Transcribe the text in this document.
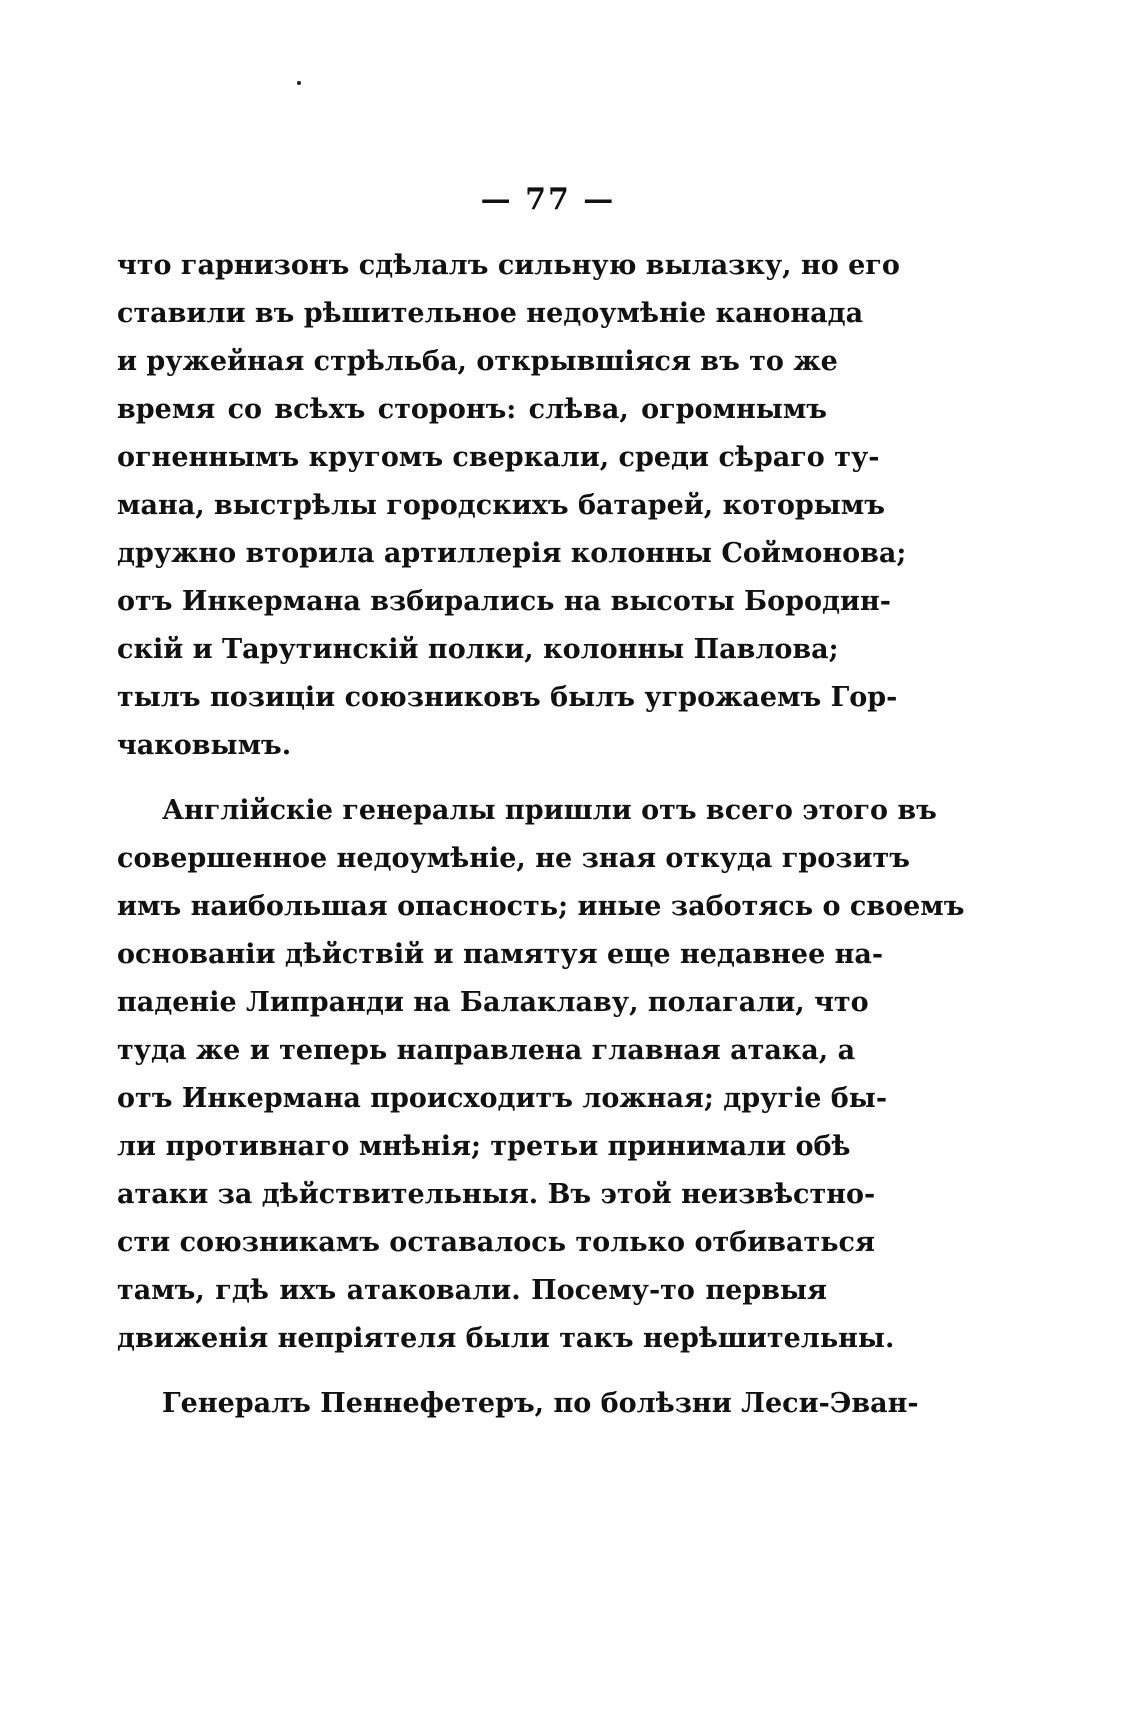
— 77 —
что гарнизонъ сдѣлалъ сильную вылазку, но его
ставили въ рѣшительное недоумѣніе канонада
и ружейная стрѣльба, открывшіяся въ то же
время со всѣхъ сторонъ: слѣва, огромнымъ
огненнымъ кругомъ сверкали, среди сѣраго ту-
мана, выстрѣлы городскихъ батарей, которымъ
дружно вторила артиллерія колонны Соймонова;
отъ Инкермана взбирались на высоты Бородин-
скій и Тарутинскій полки, колонны Павлова;
тылъ позиціи союзниковъ былъ угрожаемъ Гор-
чаковымъ.
Англійскіе генералы пришли отъ всего этого въ
совершенное недоумѣніе, не зная откуда грозитъ
имъ наибольшая опасность; иные заботясь о своемъ
основаніи дѣйствій и памятуя еще недавнее на-
паденіе Липранди на Балаклаву, полагали, что
туда же и теперь направлена главная атака, а
отъ Инкермана происходитъ ложная; другіе бы-
ли противнаго мнѣнія; третьи принимали обѣ
атаки за дѣйствительныя. Въ этой неизвѣстно-
сти союзникамъ оставалось только отбиваться
тамъ, гдѣ ихъ атаковали. Посему-то первыя
движенія непріятеля были такъ нерѣшительны.
Генералъ Пеннефетеръ, по болѣзни Леси-Эван-
